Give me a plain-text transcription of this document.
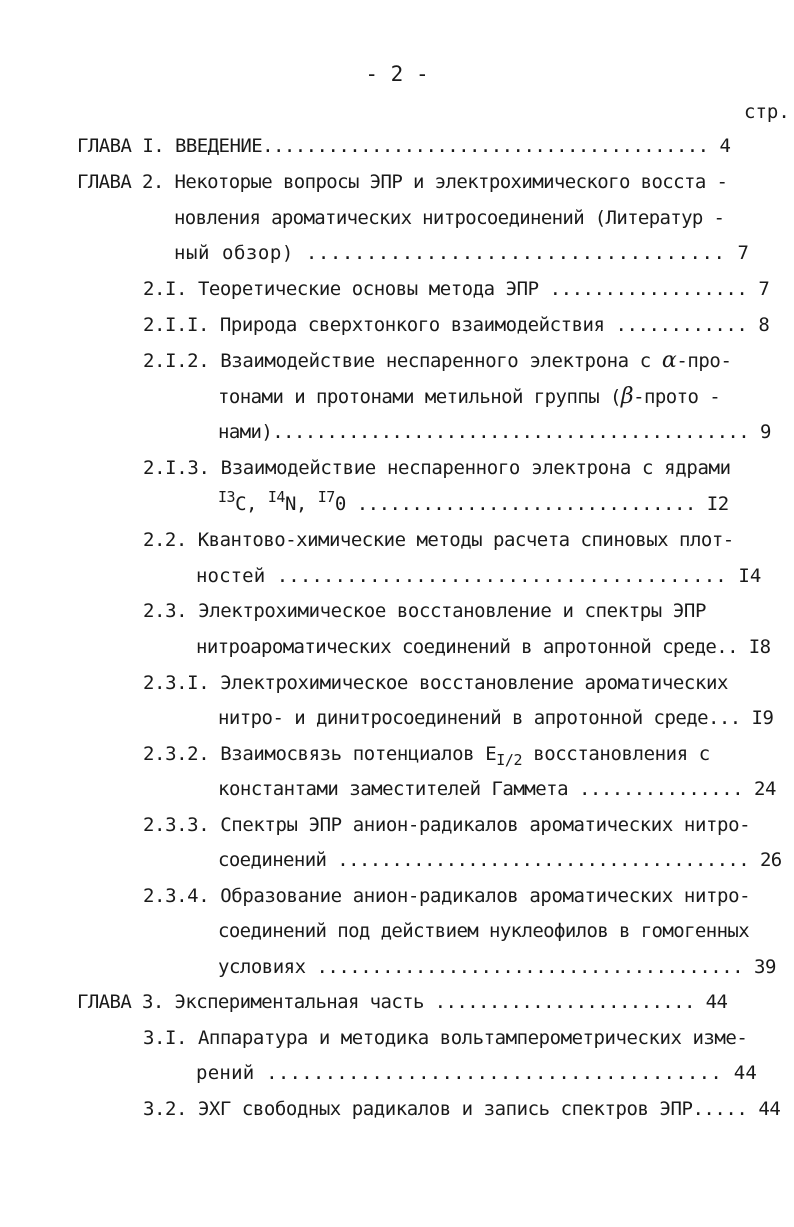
- 2 -
стр.
ГЛАВА I. ВВЕДЕНИЕ......................................... 4
ГЛАВА 2. Некоторые вопросы ЭПР и электрохимического восста -
новления ароматических нитросоединений (Литератур -
ный обзор) ................................... 7
2.I. Теоретические основы метода ЭПР .................. 7
2.I.I. Природа сверхтонкого взаимодействия ............ 8
2.I.2. Взаимодействие неспаренного электрона с α-про-
тонами и протонами метильной группы (β-прото -
нами)............................................ 9
2.I.3. Взаимодействие неспаренного электрона с ядрами
$^{I3}$C, $^{I4}$N, $^{I7}$0 ............................... I2
2.2. Квантово-химические методы расчета спиновых плот-
ностей ....................................... I4
2.3. Электрохимическое восстановление и спектры ЭПР
нитроароматических соединений в апротонной среде.. I8
2.3.I. Электрохимическое восстановление ароматических
нитро- и динитросоединений в апротонной среде... I9
2.3.2. Взаимосвязь потенциалов $E_{I/2}$ восстановления с
константами заместителей Гаммета ............... 24
2.3.3. Спектры ЭПР анион-радикалов ароматических нитро-
соединений ...................................... 26
2.3.4. Образование анион-радикалов ароматических нитро-
соединений под действием нуклеофилов в гомогенных
условиях ....................................... 39
ГЛАВА 3. Экспериментальная часть ........................ 44
3.I. Аппаратура и методика вольтамперометрических изме-
рений ....................................... 44
3.2. ЭХГ свободных радикалов и запись спектров ЭПР..... 44
